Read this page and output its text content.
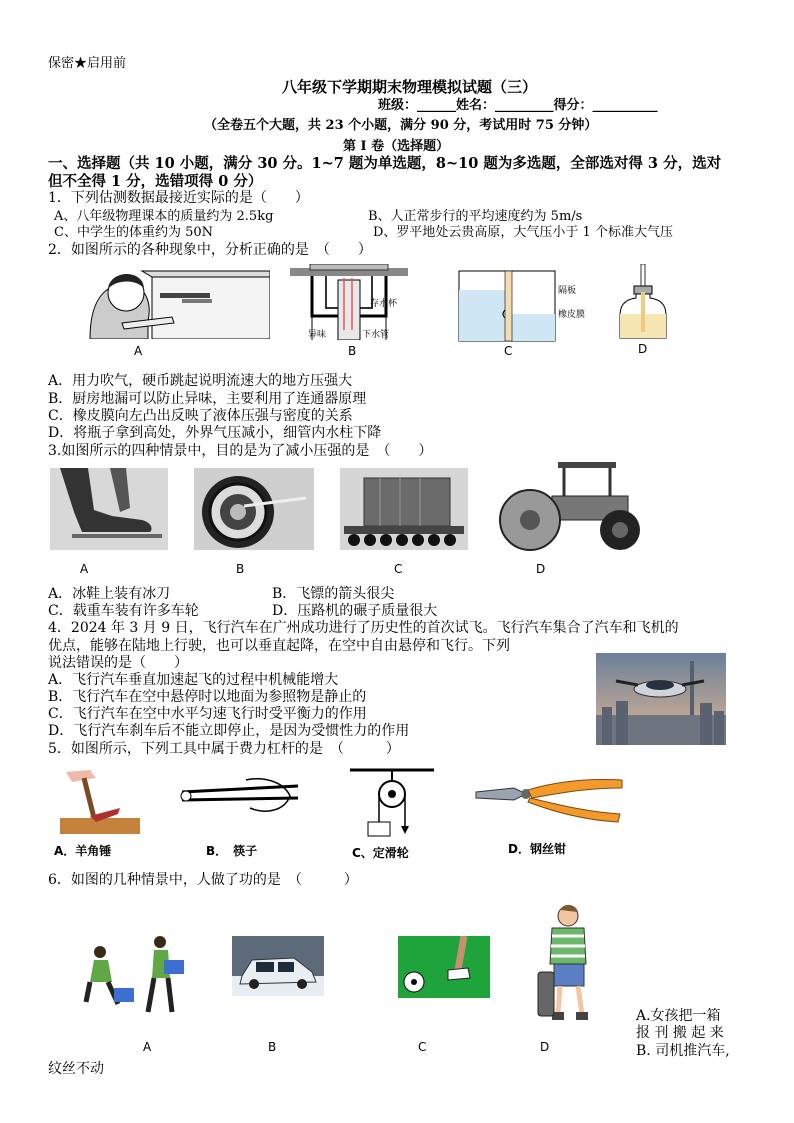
保密★启用前
八年级下学期期末物理模拟试题（三）
班级：______姓名：_________得分：__________
（全卷五个大题，共 23 个小题，满分 90 分，考试用时 75 分钟）
第 I 卷（选择题）
一、选择题（共 10 小题，满分 30 分。1~7 题为单选题，8~10 题为多选题，全部选对得 3 分，选对
但不全得 1 分，选错项得 0 分）
1．下列估测数据最接近实际的是（　　）
A、八年级物理课本的质量约为 2.5kg	B、人正常步行的平均速度约为 5m/s
C、中学生的体重约为 50N	D、罗平地处云贵高原，大气压小于 1 个标准大气压
2．如图所示的各种现象中，分析正确的是　（　　）
A
存水杯
下水管
异味
B
隔板
橡皮膜
C	D
A．用力吹气，硬币跳起说明流速大的地方压强大
B．厨房地漏可以防止异味，主要利用了连通器原理
C．橡皮膜向左凸出反映了液体压强与密度的关系
D．将瓶子拿到高处，外界气压减小，细管内水柱下降
3.如图所示的四种情景中，目的是为了减小压强的是　（　　）
A	B	C	D
A．冰鞋上装有冰刀	B．飞镖的箭头很尖
C．载重车装有许多车轮	D．压路机的碾子质量很大
4．2024 年 3 月 9 日，飞行汽车在广州成功进行了历史性的首次试飞。飞行汽车集合了汽车和飞机的
优点，能够在陆地上行驶，也可以垂直起降，在空中自由悬停和飞行。下列
说法错误的是（　　）
A．飞行汽车垂直加速起飞的过程中机械能增大
B．飞行汽车在空中悬停时以地面为参照物是静止的
C．飞行汽车在空中水平匀速飞行时受平衡力的作用
D．飞行汽车刹车后不能立即停止，是因为受惯性力的作用
5．如图所示，下列工具中属于费力杠杆的是　（　　　）
A．羊角锤	B．　筷子	C、定滑轮	D．钢丝钳
6．如图的几种情景中，人做了功的是　（　　　）
A	B	C	D
A.女孩把一箱
报 刊 搬 起 来
B. 司机推汽车,
纹丝不动
